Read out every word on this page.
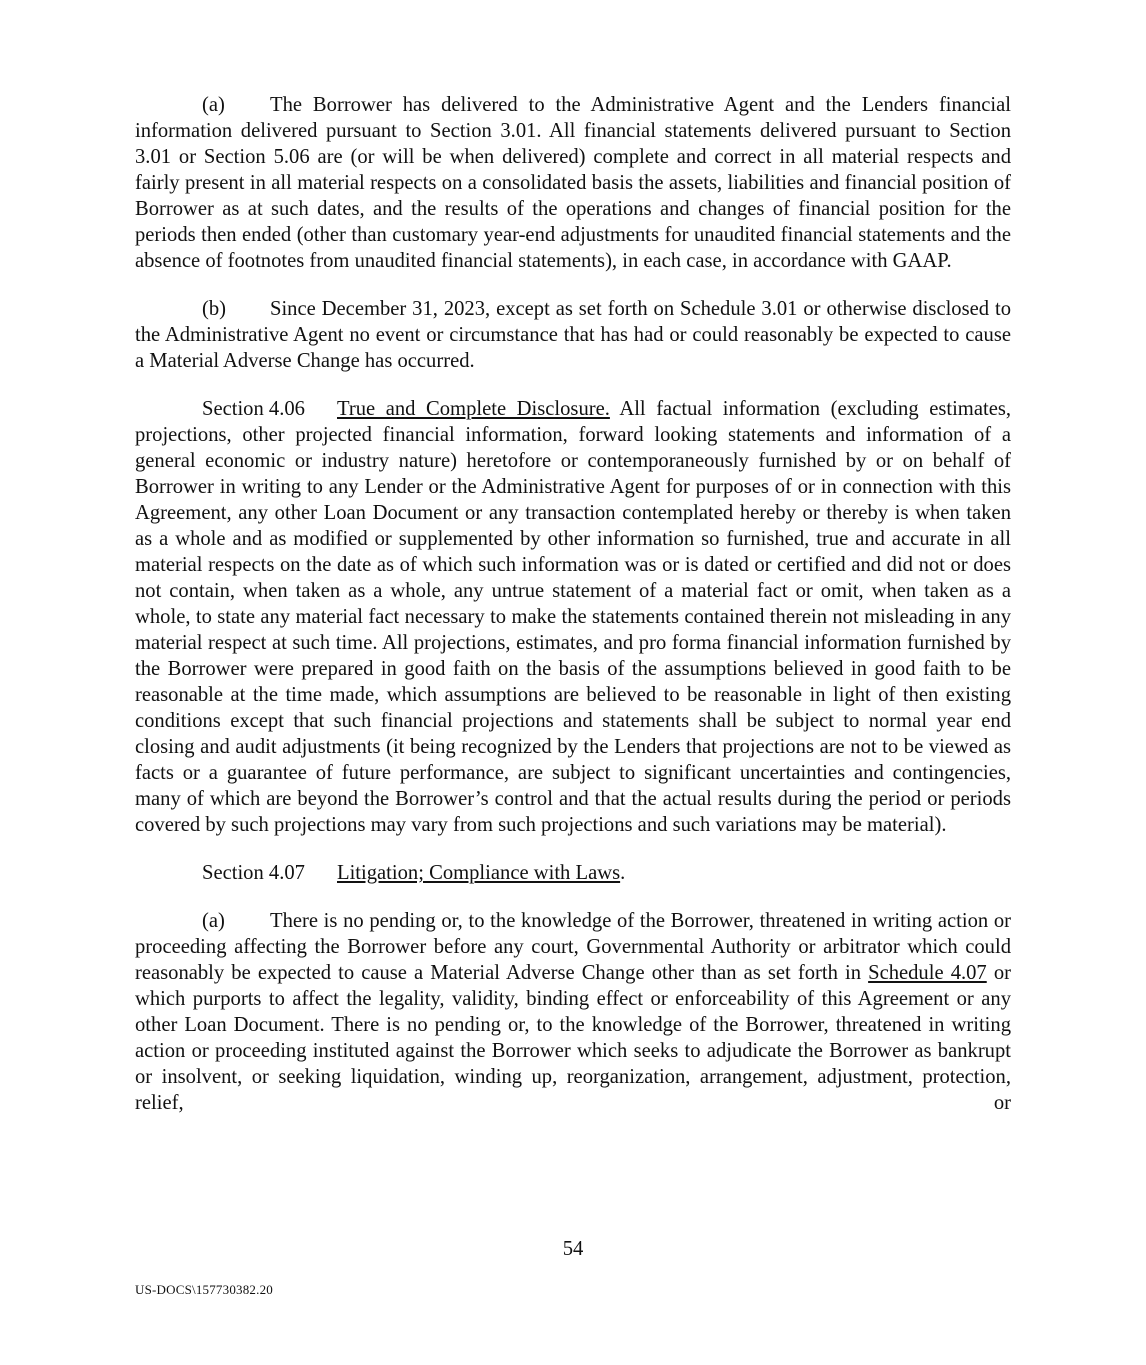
(a) The Borrower has delivered to the Administrative Agent and the Lenders financial information delivered pursuant to Section 3.01. All financial statements delivered pursuant to Section 3.01 or Section 5.06 are (or will be when delivered) complete and correct in all material respects and fairly present in all material respects on a consolidated basis the assets, liabilities and financial position of Borrower as at such dates, and the results of the operations and changes of financial position for the periods then ended (other than customary year-end adjustments for unaudited financial statements and the absence of footnotes from unaudited financial statements), in each case, in accordance with GAAP.

(b) Since December 31, 2023, except as set forth on Schedule 3.01 or otherwise disclosed to the Administrative Agent no event or circumstance that has had or could reasonably be expected to cause a Material Adverse Change has occurred.

Section 4.06 True and Complete Disclosure. All factual information (excluding estimates, projections, other projected financial information, forward looking statements and information of a general economic or industry nature) heretofore or contemporaneously furnished by or on behalf of Borrower in writing to any Lender or the Administrative Agent for purposes of or in connection with this Agreement, any other Loan Document or any transaction contemplated hereby or thereby is when taken as a whole and as modified or supplemented by other information so furnished, true and accurate in all material respects on the date as of which such information was or is dated or certified and did not or does not contain, when taken as a whole, any untrue statement of a material fact or omit, when taken as a whole, to state any material fact necessary to make the statements contained therein not misleading in any material respect at such time. All projections, estimates, and pro forma financial information furnished by the Borrower were prepared in good faith on the basis of the assumptions believed in good faith to be reasonable at the time made, which assumptions are believed to be reasonable in light of then existing conditions except that such financial projections and statements shall be subject to normal year end closing and audit adjustments (it being recognized by the Lenders that projections are not to be viewed as facts or a guarantee of future performance, are subject to significant uncertainties and contingencies, many of which are beyond the Borrower’s control and that the actual results during the period or periods covered by such projections may vary from such projections and such variations may be material).

Section 4.07 Litigation; Compliance with Laws.

(a) There is no pending or, to the knowledge of the Borrower, threatened in writing action or proceeding affecting the Borrower before any court, Governmental Authority or arbitrator which could reasonably be expected to cause a Material Adverse Change other than as set forth in Schedule 4.07 or which purports to affect the legality, validity, binding effect or enforceability of this Agreement or any other Loan Document. There is no pending or, to the knowledge of the Borrower, threatened in writing action or proceeding instituted against the Borrower which seeks to adjudicate the Borrower as bankrupt or insolvent, or seeking liquidation, winding up, reorganization, arrangement, adjustment, protection, relief, or

54
US-DOCS\157730382.20
